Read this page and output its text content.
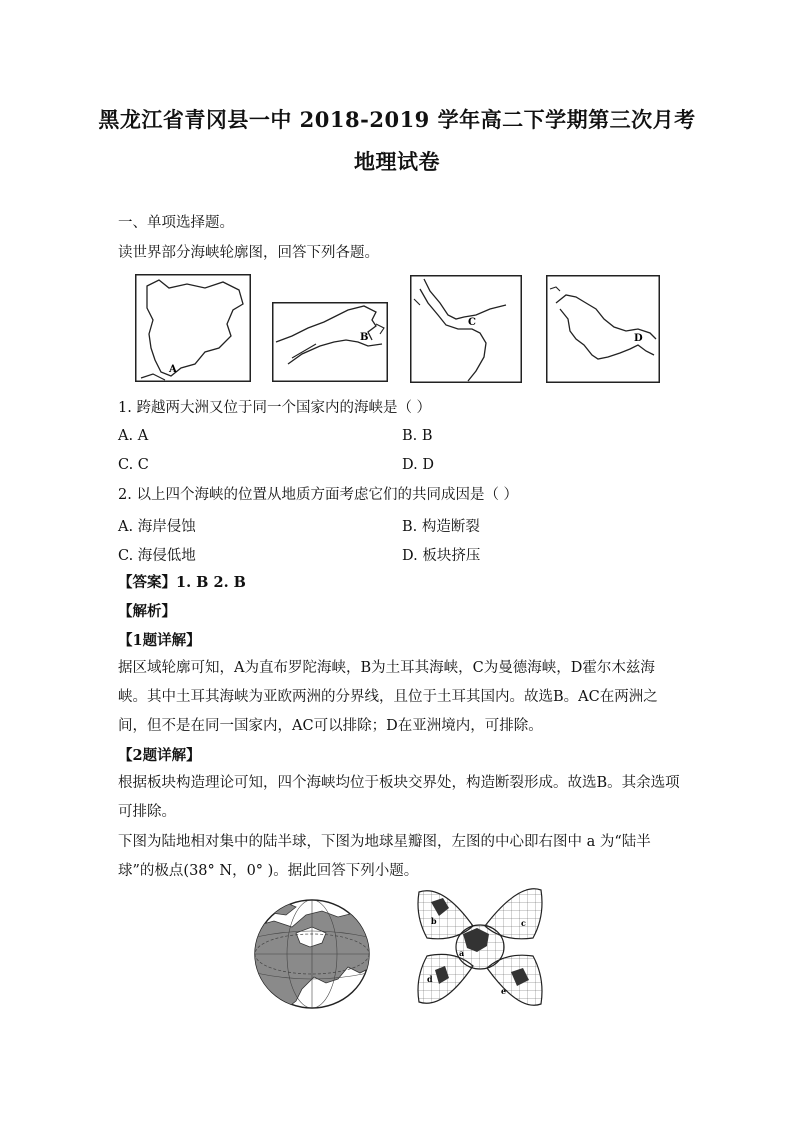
黑龙江省青冈县一中 2018-2019 学年高二下学期第三次月考
地理试卷
一、单项选择题。
读世界部分海峡轮廓图，回答下列各题。
A
B
C
D
1. 跨越两大洲又位于同一个国家内的海峡是（ ）
A. A	B. B
C. C	D. D
2. 以上四个海峡的位置从地质方面考虑它们的共同成因是（ ）
A. 海岸侵蚀	B. 构造断裂
C. 海侵低地	D. 板块挤压
【答案】1. B 2. B
【解析】
【1题详解】
据区域轮廓可知，A为直布罗陀海峡，B为土耳其海峡，C为曼德海峡，D霍尔木兹海峡。其中土耳其海峡为亚欧两洲的分界线，且位于土耳其国内。故选B。AC在两洲之间，但不是在同一国家内，AC可以排除；D在亚洲境内，可排除。
【2题详解】
根据板块构造理论可知，四个海峡均位于板块交界处，构造断裂形成。故选B。其余选项可排除。
下图为陆地相对集中的陆半球，下图为地球星瓣图，左图的中心即右图中 a 为“陆半球”的极点(38° N，0° )。据此回答下列小题。
b
a
c
d
e
